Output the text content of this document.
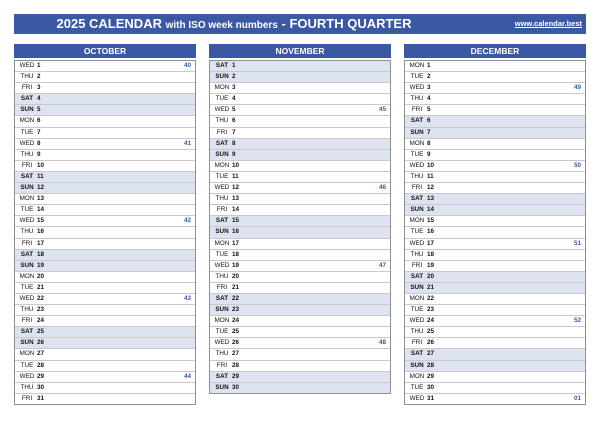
2025 CALENDAR with ISO week numbers - FOURTH QUARTER	www.calendar.best
OCTOBER
WED 1	40
THU 2
FRI 3
SAT 4
SUN 5
MON 6
TUE 7
WED 8	41
THU 9
FRI 10
SAT 11
SUN 12
MON 13
TUE 14
WED 15	42
THU 16
FRI 17
SAT 18
SUN 19
MON 20
TUE 21
WED 22	43
THU 23
FRI 24
SAT 25
SUN 26
MON 27
TUE 28
WED 29	44
THU 30
FRI 31
NOVEMBER
SAT 1
SUN 2
MON 3
TUE 4
WED 5	45
THU 6
FRI 7
SAT 8
SUN 9
MON 10
TUE 11
WED 12	46
THU 13
FRI 14
SAT 15
SUN 16
MON 17
TUE 18
WED 19	47
THU 20
FRI 21
SAT 22
SUN 23
MON 24
TUE 25
WED 26	48
THU 27
FRI 28
SAT 29
SUN 30
DECEMBER
MON 1
TUE 2
WED 3	49
THU 4
FRI 5
SAT 6
SUN 7
MON 8
TUE 9
WED 10	50
THU 11
FRI 12
SAT 13
SUN 14
MON 15
TUE 16
WED 17	51
THU 18
FRI 19
SAT 20
SUN 21
MON 22
TUE 23
WED 24	52
THU 25
FRI 26
SAT 27
SUN 28
MON 29
TUE 30
WED 31	01
